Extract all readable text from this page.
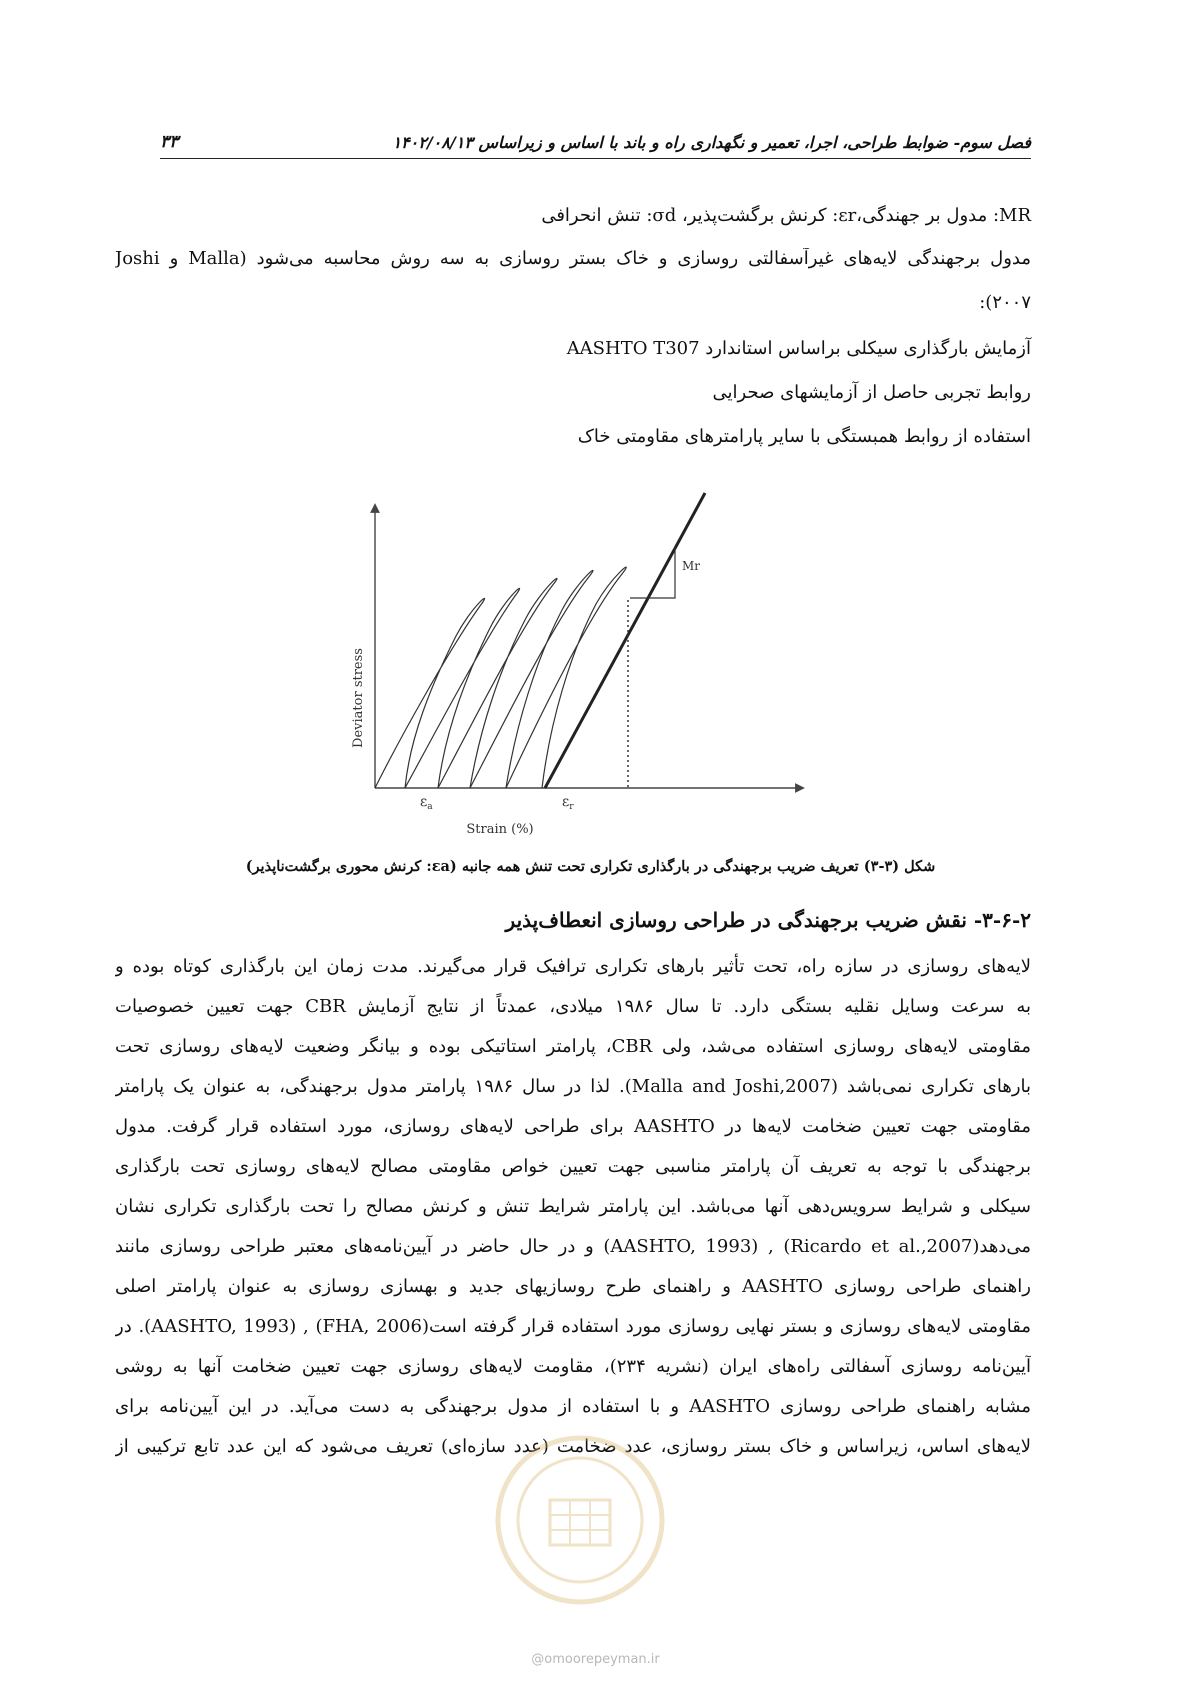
فصل سوم- ضوابط طراحی، اجرا، تعمیر و نگهداری راه و باند با اساس و زیراساس ۱۴۰۲/۰۸/۱۳
۳۳
MR: مدول بر جهندگی،εr: کرنش برگشت‌پذیر، σd: تنش انحرافی
مدول برجهندگی لایه‌های غیرآسفالتی روسازی و خاک بستر روسازی به سه روش محاسبه می‌شود (Malla و Joshi
۲۰۰۷):
آزمایش بارگذاری سیکلی براساس استاندارد AASHTO T307
روابط تجربی حاصل از آزمایشهای صحرایی
استفاده از روابط همبستگی با سایر پارامترهای مقاومتی خاک
Mr
$\varepsilon_a$	$\varepsilon_r$
Deviator stress
Strain (%)
شکل (۳-۳) تعریف ضریب برجهندگی در بارگذاری تکراری تحت تنش همه جانبه (εa: کرنش محوری برگشت‌ناپذیر)
۳-۶-۲- نقش ضریب برجهندگی در طراحی روسازی انعطاف‌پذیر
لایه‌های روسازی در سازه راه، تحت تأثیر بارهای تکراری ترافیک قرار می‌گیرند. مدت زمان این بارگذاری کوتاه بوده و
به سرعت وسایل نقلیه بستگی دارد. تا سال ۱۹۸۶ میلادی، عمدتاً از نتایج آزمایش CBR جهت تعیین خصوصیات
مقاومتی لایه‌های روسازی استفاده می‌شد، ولی CBR، پارامتر استاتیکی بوده و بیانگر وضعیت لایه‌های روسازی تحت
بارهای تکراری نمی‌باشد (Malla and Joshi,2007). لذا در سال ۱۹۸۶ پارامتر مدول برجهندگی، به عنوان یک پارامتر
مقاومتی جهت تعیین ضخامت لایه‌ها در AASHTO برای طراحی لایه‌های روسازی، مورد استفاده قرار گرفت. مدول
برجهندگی با توجه به تعریف آن پارامتر مناسبی جهت تعیین خواص مقاومتی مصالح لایه‌های روسازی تحت بارگذاری
سیکلی و شرایط سرویس‌دهی آنها می‌باشد. این پارامتر شرایط تنش و کرنش مصالح را تحت بارگذاری تکراری نشان
می‌دهد(Ricardo et al.,2007) , (AASHTO, 1993) و در حال حاضر در آیین‌نامه‌های معتبر طراحی روسازی مانند
راهنمای طراحی روسازی AASHTO و راهنمای طرح روسازیهای جدید و بهسازی روسازی به عنوان پارامتر اصلی
مقاومتی لایه‌های روسازی و بستر نهایی روسازی مورد استفاده قرار گرفته است(FHA, 2006) , (AASHTO, 1993). در
آیین‌نامه روسازی آسفالتی راه‌های ایران (نشریه ۲۳۴)، مقاومت لایه‌های روسازی جهت تعیین ضخامت آنها به روشی
مشابه راهنمای طراحی روسازی AASHTO و با استفاده از مدول برجهندگی به دست می‌آید. در این آیین‌نامه برای
لایه‌های اساس، زیراساس و خاک بستر روسازی، عدد ضخامت (عدد سازه‌ای) تعریف می‌شود که این عدد تابع ترکیبی از
@omoorepeyman.ir
